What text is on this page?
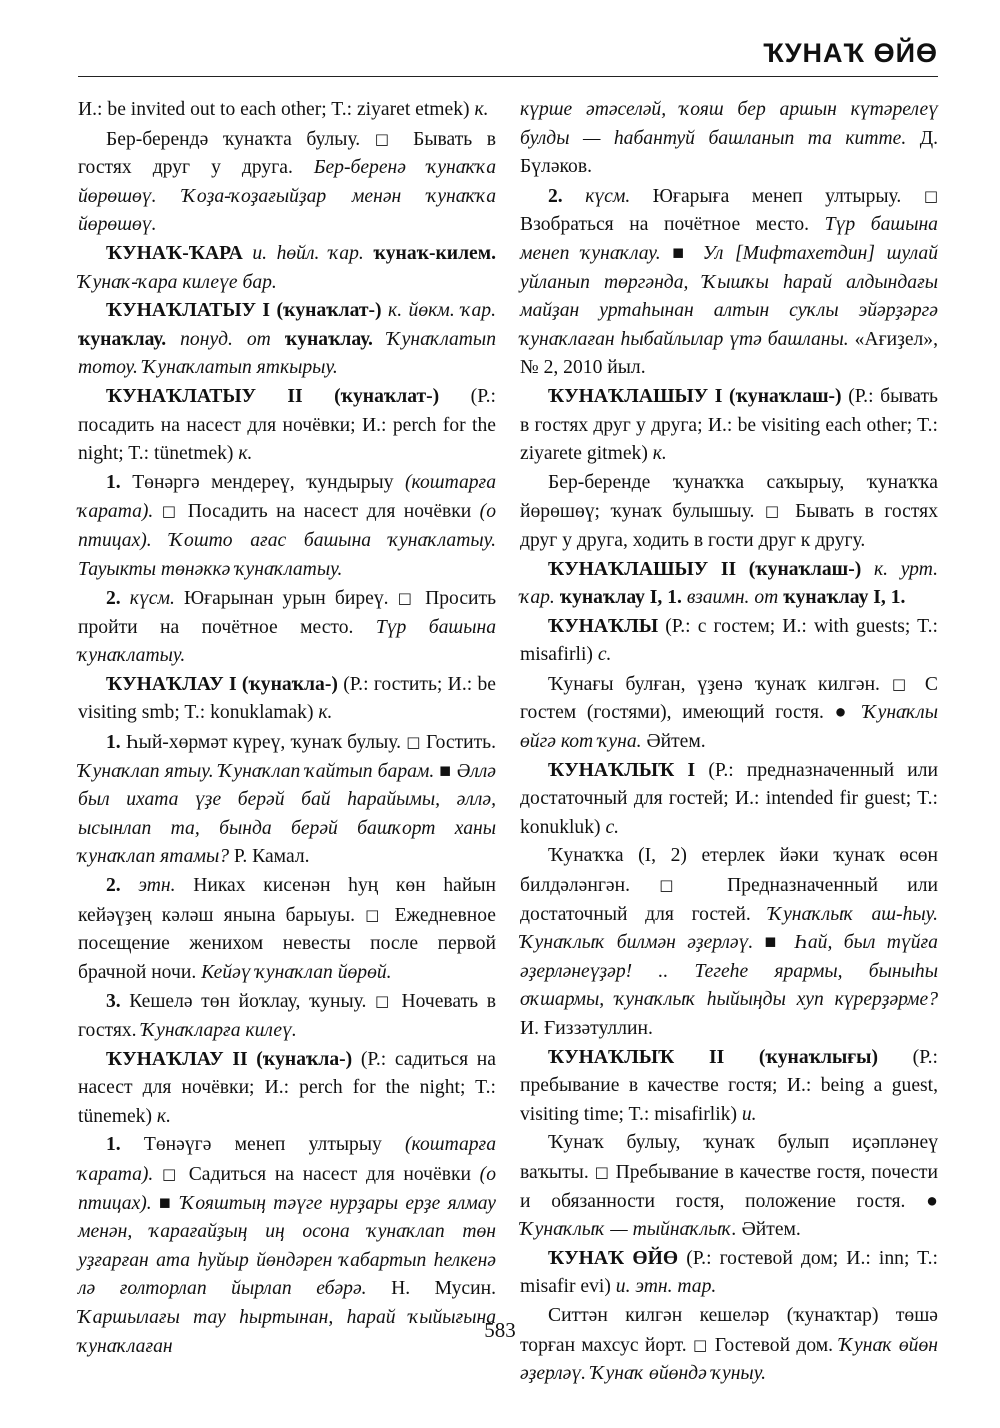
ҠУНАҠ ӨЙӨ

И.: be invited out to each other; T.: ziyaret etmek) к.

Бер-берендә ҡунаҡта булыу. □ Бывать в гостях друг у друга. Бер-беренә ҡунаҡҡа йөрөшөү. Ҡоҙа-ҡоҙағыйҙар менән ҡунаҡҡа йөрөшөү.

ҠУНАҠ-ҠАРА и. һөйл. ҡар. ҡунаҡ-килем. Ҡунаҡ-ҡара килеүе бар.

ҠУНАҠЛАТЫУ I (ҡунаҡлат-) к. йөкм. ҡар. ҡунаҡлау. понуд. от ҡунаҡлау. Ҡунаҡлатып тотоу. Ҡунаҡлатып яткырыу.

ҠУНАҠЛАТЫУ II (ҡунаҡлат-) (Р.: посадить на насест для ночёвки; И.: perch for the night; T.: tünetmek) к.

1. Төнәргә мендереү, ҡундырыу (коштарға ҡарата). □ Посадить на насест для ночёвки (о птицах). Ҡошто ағас башына ҡунаҡлатыу. Тауыкты төнәккә ҡунаҡлатыу.

2. күсм. Юғарынан урын биреү. □ Просить пройти на почётное место. Түр башына ҡунаҡлатыу.

ҠУНАҠЛАУ I (ҡунаҡла-) (Р.: гостить; И.: be visiting smb; T.: konuklamak) к.

1. Һый-хөрмәт күреү, ҡунаҡ булыу. □ Гостить. Ҡунаҡлап ятыу. Ҡунаҡлап ҡайтып барам. ■ Әллә был ихата үҙе берәй бай һарайымы, әллә, ысынлап та, бында берәй башҡорт ханы ҡунаҡлап ятамы? Р. Камал.

2. этн. Никах кисенән һуң көн һайын кейәүҙең кәләш янына барыуы. □ Ежедневное посещение женихом невесты после первой брачной ночи. Кейәү ҡунаҡлап йөрөй.

3. Кешелә төн йоҡлау, ҡуныу. □ Ночевать в гостях. Ҡунаҡларға килеү.

ҠУНАҠЛАУ II (ҡунаҡла-) (Р.: садиться на насест для ночёвки; И.: perch for the night; T.: tünemek) к.

1. Төнәүгә менеп ултырыу (коштарға ҡарата). □ Садиться на насест для ночёвки (о птицах). ■ Ҡояштың тәүге нурҙары ерҙе ялмау менән, ҡарағайҙың иң осона ҡунаҡлап төн уҙғарған ата һуйыр йөндәрен ҡабартып һелкенә лә ғолторлап йырлап ебәрә. Н. Мусин. Ҡаршылағы тау һыртынан, һарай ҡыйығына ҡунаҡлаған

күрше әтәселәй, ҡояш бер аршын күтәрелеү булды — һабантуй башланып та китте. Д. Бүләков.

2. күсм. Юғарыға менеп ултырыу. □ Взобраться на почётное место. Түр башына менеп ҡунаҡлау. ■ Ул [Мифтахетдин] шулай уйланып төргәнда, Ҡышҡы һарай алдындағы майҙан уртаһынан алтын суҡлы эйәрҙәргә ҡунаҡлаған һыбайлылар үтә башланы. «Ағиҙел», № 2, 2010 йыл.

ҠУНАҠЛАШЫУ I (ҡунаҡлаш-) (Р.: бывать в гостях друг у друга; И.: be visiting each other; T.: ziyarete gitmek) к.

Бер-беренде ҡунаҡҡа саҡырыу, ҡунаҡҡа йөрөшөү; ҡунаҡ булышыу. □ Бывать в гостях друг у друга, ходить в гости друг к другу.

ҠУНАҠЛАШЫУ II (ҡунаҡлаш-) к. урт. ҡар. ҡунаҡлау I, 1. взаимн. от ҡунаҡлау I, 1.

ҠУНАҠЛЫ (Р.: с гостем; И.: with guests; T.: misafirli) с.

Ҡунағы булған, үҙенә ҡунаҡ килгән. □ С гостем (гостями), имеющий гостя. ● Ҡунаҡлы өйгә кот ҡуна. Әйтем.

ҠУНАҠЛЫҠ I (Р.: предназначенный или достаточный для гостей; И.: intended fir guest; T.: konukluk) с.

Ҡунаҡҡа (I, 2) етерлек йәки ҡунаҡ өсөн билдәләнгән. □ Предназначенный или достаточный для гостей. Ҡунаҡлыҡ аш-һыу. Ҡунаҡлыҡ билмән әҙерләү. ■ Һай, был түйға әҙерләнеүҙәр! .. Тегеһе ярармы, быныһы оҡшармы, ҡунаҡлыҡ һыйыңды хуп күрерҙәрме? И. Ғиззәтуллин.

ҠУНАҠЛЫҠ II (ҡунаҡлығы) (Р.: пребывание в качестве гостя; И.: being a guest, visiting time; T.: misafirlik) и.

Ҡунаҡ булыу, ҡунаҡ булып иҫәпләнеү ваҡыты. □ Пребывание в качестве гостя, почести и обязанности гостя, положение гостя. ● Ҡунаҡлыҡ — тыйнаҡлыҡ. Әйтем.

ҠУНАҠ ӨЙӨ (Р.: гостевой дом; И.: inn; T.: misafir evi) и. этн. тар.

Ситтән килгән кешеләр (ҡунаҡтар) төшә торған махсус йорт. □ Гостевой дом. Ҡунаҡ өйөн әҙерләү. Ҡунаҡ өйөндә ҡуныу.

583
